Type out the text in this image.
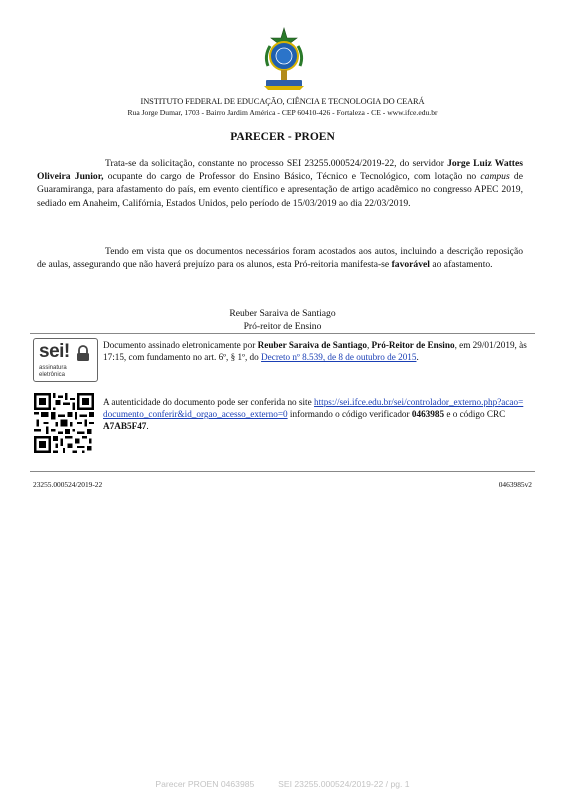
INSTITUTO FEDERAL DE EDUCAÇÃO, CIÊNCIA E TECNOLOGIA DO CEARÁ
Rua Jorge Dumar, 1703 - Bairro Jardim América - CEP 60410-426 - Fortaleza - CE - www.ifce.edu.br
PARECER - PROEN
Trata-se da solicitação, constante no processo SEI 23255.000524/2019-22, do servidor Jorge Luiz Wattes Oliveira Junior, ocupante do cargo de Professor do Ensino Básico, Técnico e Tecnológico, com lotação no campus de Guaramiranga, para afastamento do país, em evento científico e apresentação de artigo acadêmico no congresso APEC 2019, sediado em Anaheim, Califórnia, Estados Unidos, pelo período de 15/03/2019 ao dia 22/03/2019.
Tendo em vista que os documentos necessários foram acostados aos autos, incluindo a descrição reposição de aulas, assegurando que não haverá prejuízo para os alunos, esta Pró-reitoria manifesta-se favorável ao afastamento.
Reuber Saraiva de Santiago
Pró-reitor de Ensino
sei!
assinatura eletrônica
Documento assinado eletronicamente por Reuber Saraiva de Santiago, Pró-Reitor de Ensino, em 29/01/2019, às 17:15, com fundamento no art. 6º, § 1º, do Decreto nº 8.539, de 8 de outubro de 2015.
A autenticidade do documento pode ser conferida no site https://sei.ifce.edu.br/sei/controlador_externo.php?acao=documento_conferir&id_orgao_acesso_externo=0 informando o código verificador 0463985 e o código CRC A7AB5F47.
23255.000524/2019-22	0463985v2
Parecer PROEN 0463985          SEI 23255.000524/2019-22 / pg. 1
